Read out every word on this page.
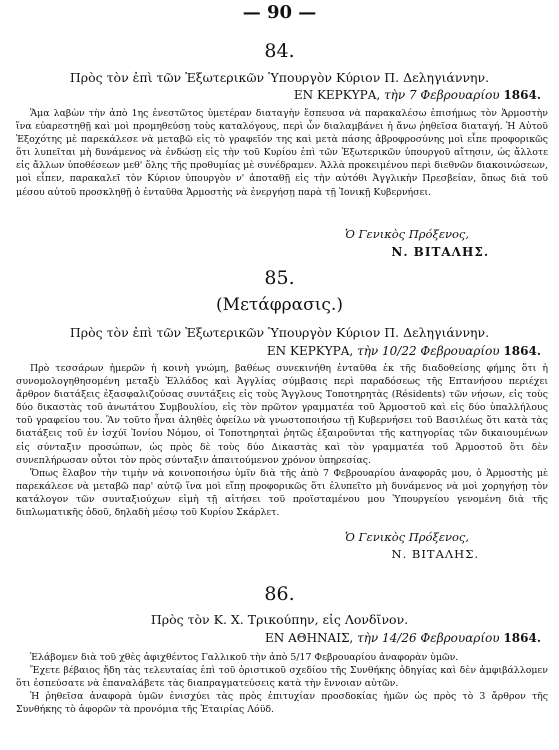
— 90 —
84.
Πρὸς τὸν ἐπὶ τῶν Ἐξωτερικῶν Ὑπουργὸν Κύριον Π. Δεληγιάννην.
ΕΝ ΚΕΡΚΥΡΑ, τὴν 7 Φεβρουαρίου 1864.

Ἅμα λαβὼν τὴν ἀπὸ 1ης ἐνεστῶτος ὑμετέραν διαταγὴν ἔσπευσα νὰ παρακαλέσω ἐπισήμως τὸν Ἁρμοστὴν ἵνα εὐαρεστηθῇ καὶ μοὶ προμηθεύσῃ τοὺς καταλόγους, περὶ ὧν διαλαμβάνει ἡ ἄνω ῥηθεῖσα διαταγή. Ἡ Αὐτοῦ Ἐξοχότης μὲ παρεκάλεσε νὰ μεταβῶ εἰς τὸ γραφεῖόν της καὶ μετὰ πάσης ἀβροφροσύνης μοὶ εἶπε προφορικῶς ὅτι λυπεῖται μὴ δυνάμενος νὰ ἐνδώσῃ εἰς τὴν τοῦ Κυρίου ἐπὶ τῶν Ἐξωτερικῶν ὑπουργοῦ αἴτησιν, ὡς ἄλλοτε εἰς ἄλλων ὑποθέσεων μεθ' ὅλης τῆς προθυμίας μὲ συνέδραμεν. Ἀλλὰ προκειμένου περὶ διεθνῶν διακοινώσεων, μοὶ εἶπεν, παρακαλεῖ τὸν Κύριον ὑπουργὸν ν' ἀποταθῇ εἰς τὴν αὐτόθι Ἀγγλικὴν Πρεσβείαν, ὅπως διὰ τοῦ μέσου αὐτοῦ προσκληθῇ ὁ ἐνταῦθα Ἁρμοστὴς νὰ ἐνεργήσῃ παρὰ τῇ Ἰονικῇ Κυβερνήσει.

Ὁ Γενικὸς Πρόξενος,
Ν. ΒΙΤΑΛΗΣ.
85.
(Μετάφρασις.)
Πρὸς τὸν ἐπὶ τῶν Ἐξωτερικῶν Ὑπουργὸν Κύριον Π. Δεληγιάννην.
ΕΝ ΚΕΡΚΥΡΑ, τὴν 10/22 Φεβρουαρίου 1864.

Πρὸ τεσσάρων ἡμερῶν ἡ κοινὴ γνώμη, βαθέως συνεκινήθη ἐνταῦθα ἐκ τῆς διαδοθείσης φήμης ὅτι ἡ συνομολογηθησομένη μεταξὺ Ἑλλάδος καὶ Ἀγγλίας σύμβασις περὶ παραδόσεως τῆς Επτανήσου περιέχει ἄρθρον διατάξεις ἐξασφαλιζούσας συντάξεις εἰς τοὺς Ἄγγλους Τοποτηρητὰς (Résidents) τῶν νήσων, εἰς τοὺς δύο δικαστὰς τοῦ ἀνωτάτου Συμβουλίου, εἰς τὸν πρῶτον γραμματέα τοῦ Ἁρμοστοῦ καὶ εἰς δύο ὑπαλλήλους τοῦ γραφείου του. Ἂν τοῦτο ἦναι ἀληθὲς ὀφείλω νὰ γνωστοποιήσω τῇ Κυβερνήσει τοῦ Βασιλέως ὅτι κατὰ τὰς διατάξεις τοῦ ἐν ἰσχύϊ Ἰονίου Νόμου, οἱ Τοποτηρηταὶ ῥητῶς ἐξαιροῦνται τῆς κατηγορίας τῶν δικαιουμένων εἰς σύνταξιν προσώπων, ὡς πρὸς δὲ τοὺς δύο Δικαστὰς καὶ τὸν γραμματέα τοῦ Ἁρμοστοῦ ὅτι δὲν συνεπλήρωσαν οὗτοι τὸν πρὸς σύνταξιν ἀπαιτούμενον χρόνον ὑπηρεσίας.

Ὅπως ἔλαβον τὴν τιμὴν νὰ κοινοποιήσω ὑμῖν διὰ τῆς ἀπὸ 7 Φεβρουαρίου ἀναφορᾶς μου, ὁ Ἁρμοστὴς μὲ παρεκάλεσε νὰ μεταβῶ παρ' αὐτῷ ἵνα μοὶ εἴπῃ προφορικῶς ὅτι ἐλυπεῖτο μὴ δυνάμενος νὰ μοὶ χορηγήσῃ τὸν κατάλογον τῶν συνταξιούχων εἰμὴ τῇ αἰτήσει τοῦ προϊσταμένου μου Ὑπουργείου γενομένη διὰ τῆς διπλωματικῆς ὁδοῦ, δηλαδὴ μέσῳ τοῦ Κυρίου Σκάρλετ.

Ὁ Γενικὸς Πρόξενος,
Ν. ΒΙΤΑΛΗΣ.
86.
Πρὸς τὸν Κ. Χ. Τρικούπην, εἰς Λονδῖνον.
ΕΝ ΑΘΗΝΑΙΣ, τὴν 14/26 Φεβρουαρίου 1864.

Ἐλάβομεν διὰ τοῦ χθὲς ἀφιχθέντος Γαλλικοῦ τὴν ἀπὸ 5/17 Φεβρουαρίου ἀναφορὰν ὑμῶν.

Ἔχετε βέβαιος ἤδη τὰς τελευταίας ἐπὶ τοῦ ὁριστικοῦ σχεδίου τῆς Συνθήκης ὁδηγίας καὶ δὲν ἀμφιβάλλομεν ὅτι ἐσπεύσατε νὰ ἐπαναλάβετε τὰς διαπραγματεύσεις κατὰ τὴν ἔννοιαν αὐτῶν.

Ἡ ῥηθεῖσα ἀναφορὰ ὑμῶν ἐνισχύει τὰς πρὸς ἐπιτυχίαν προσδοκίας ἡμῶν ὡς πρὸς τὸ 3 ἄρθρον τῆς Συνθήκης τὸ ἀφορῶν τὰ προνόμια τῆς Ἑταιρίας Λόϋδ.
